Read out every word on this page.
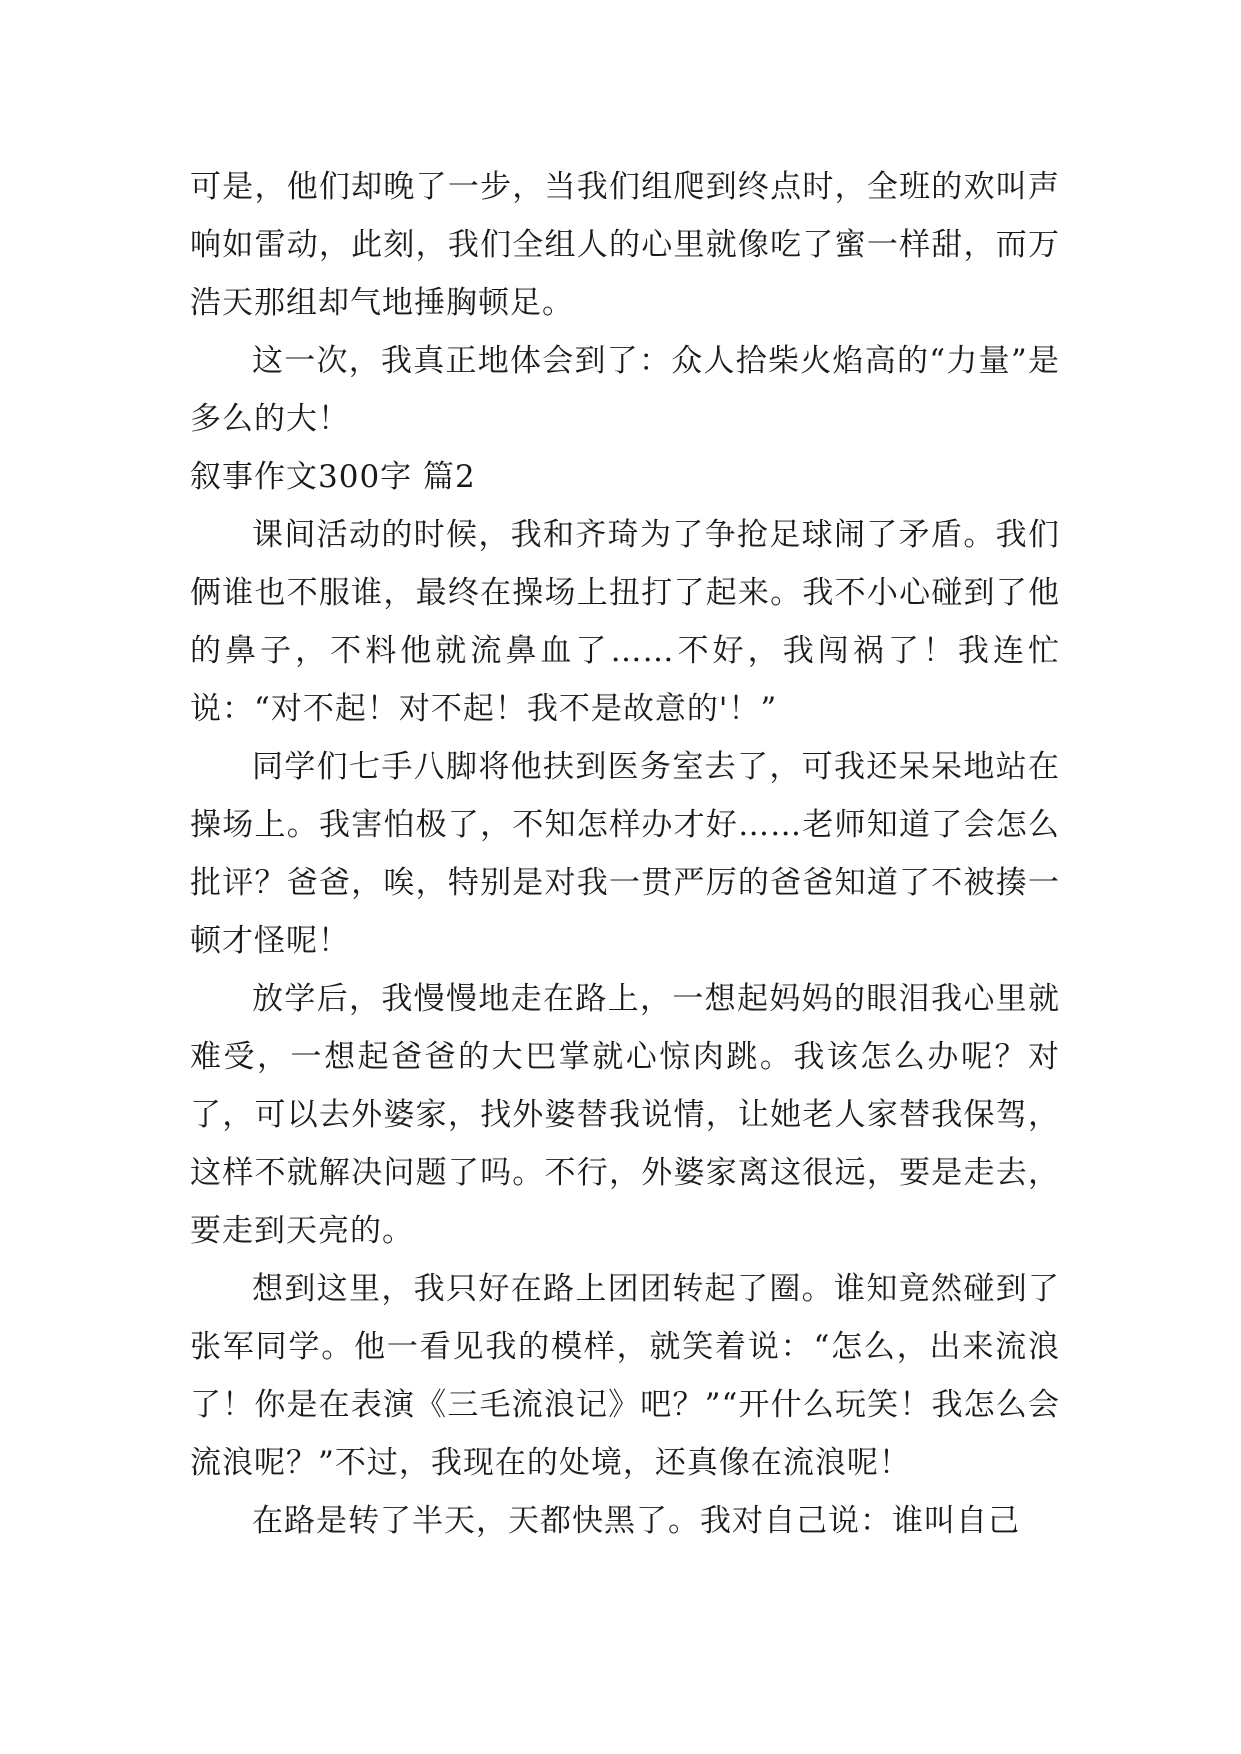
可是，他们却晚了一步，当我们组爬到终点时，全班的欢叫声响如雷动，此刻，我们全组人的心里就像吃了蜜一样甜，而万浩天那组却气地捶胸顿足。

这一次，我真正地体会到了：众人拾柴火焰高的“力量”是多么的大！

叙事作文300字 篇2

课间活动的时候，我和齐琦为了争抢足球闹了矛盾。我们俩谁也不服谁，最终在操场上扭打了起来。我不小心碰到了他的鼻子，不料他就流鼻血了……不好，我闯祸了！我连忙说：“对不起！对不起！我不是故意的'！”

同学们七手八脚将他扶到医务室去了，可我还呆呆地站在操场上。我害怕极了，不知怎样办才好……老师知道了会怎么批评？爸爸，唉，特别是对我一贯严厉的爸爸知道了不被揍一顿才怪呢！

放学后，我慢慢地走在路上，一想起妈妈的眼泪我心里就难受，一想起爸爸的大巴掌就心惊肉跳。我该怎么办呢？对了，可以去外婆家，找外婆替我说情，让她老人家替我保驾，这样不就解决问题了吗。不行，外婆家离这很远，要是走去，要走到天亮的。

想到这里，我只好在路上团团转起了圈。谁知竟然碰到了张军同学。他一看见我的模样，就笑着说：“怎么，出来流浪了！你是在表演《三毛流浪记》吧？”“开什么玩笑！我怎么会流浪呢？”不过，我现在的处境，还真像在流浪呢！

在路是转了半天，天都快黑了。我对自己说：谁叫自己
